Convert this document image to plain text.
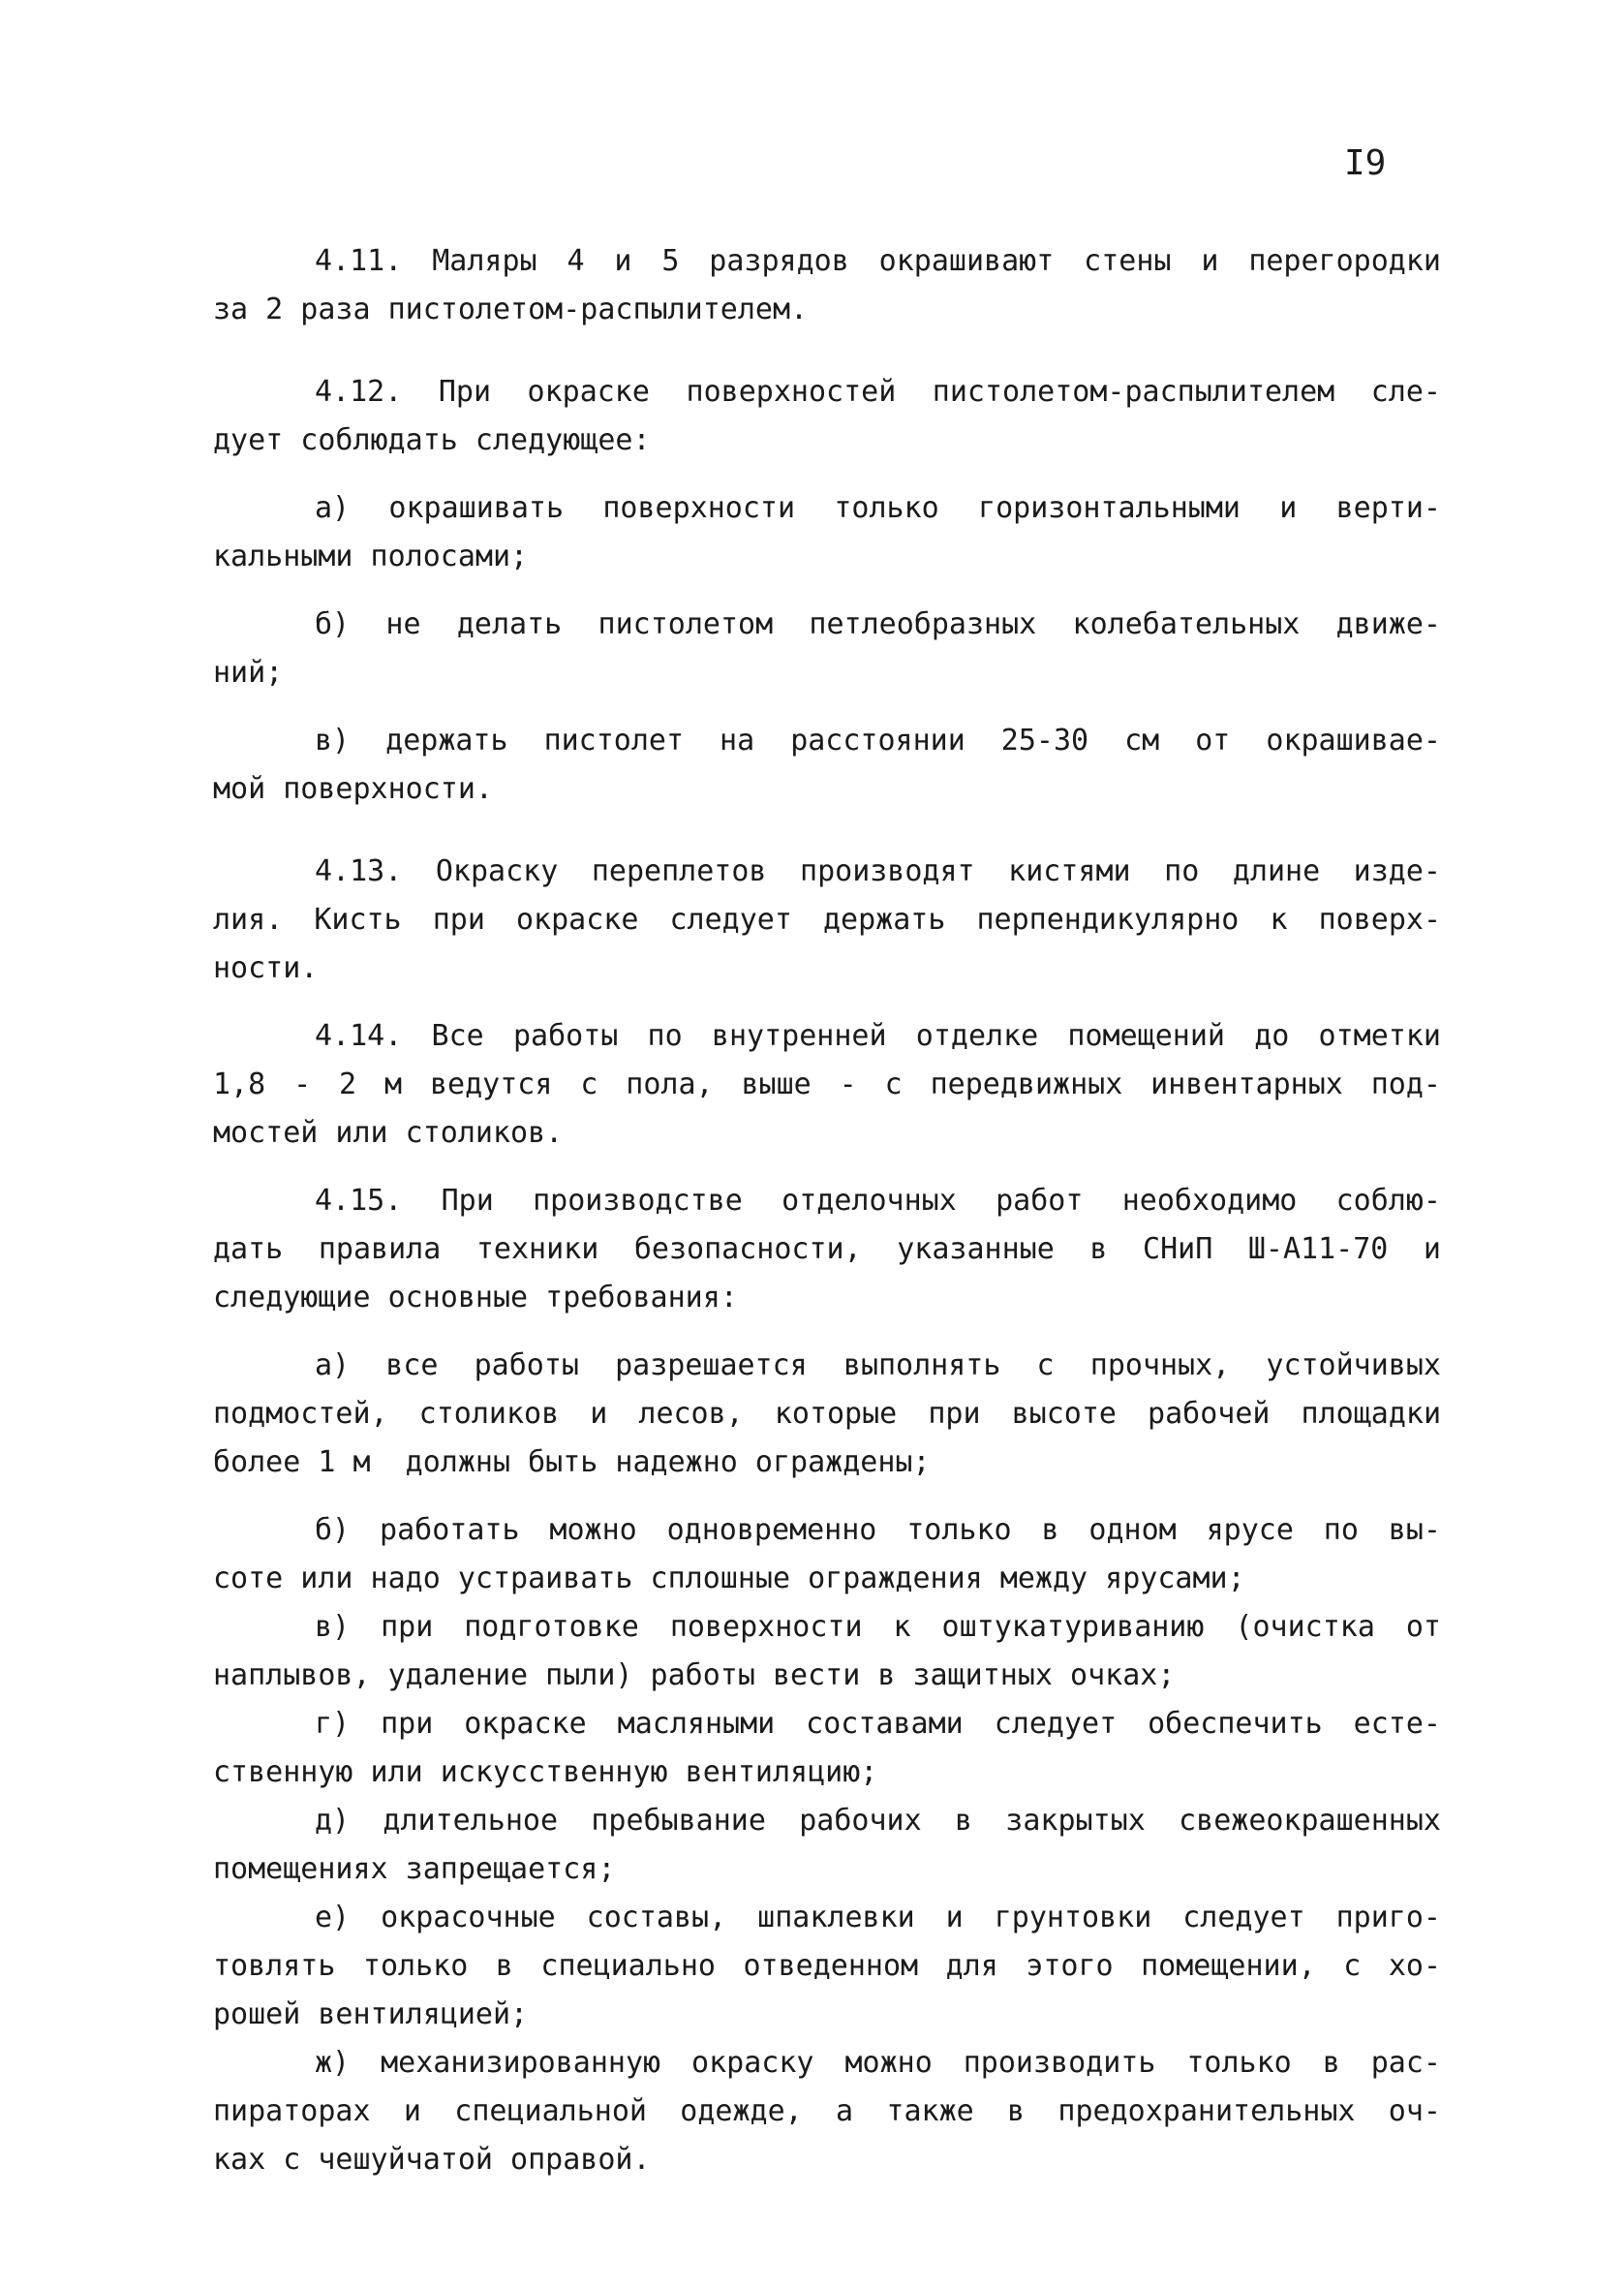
I9
4.11. Маляры 4 и 5 разрядов окрашивают стены и перегородки
за 2 раза пистолетом-распылителем.
4.12. При окраске поверхностей пистолетом-распылителем сле-
дует соблюдать следующее:
а) окрашивать поверхности только горизонтальными и верти-
кальными полосами;
б) не делать пистолетом петлеобразных колебательных движе-
ний;
в) держать пистолет на расстоянии 25-30 см от окрашивае-
мой поверхности.
4.13. Окраску переплетов производят кистями по длине изде-
лия. Кисть при окраске следует держать перпендикулярно к поверх-
ности.
4.14. Все работы по внутренней отделке помещений до отметки
1,8 - 2 м ведутся с пола, выше - с передвижных инвентарных под-
мостей или столиков.
4.15. При производстве отделочных работ необходимо соблю-
дать правила техники безопасности, указанные в СНиП Ш-А11-70 и
следующие основные требования:
а) все работы разрешается выполнять с прочных, устойчивых
подмостей, столиков и лесов, которые при высоте рабочей площадки
более 1 м  должны быть надежно ограждены;
б) работать можно одновременно только в одном ярусе по вы-
соте или надо устраивать сплошные ограждения между ярусами;
в) при подготовке поверхности к оштукатуриванию (очистка от
наплывов, удаление пыли) работы вести в защитных очках;
г) при окраске масляными составами следует обеспечить есте-
ственную или искусственную вентиляцию;
д) длительное пребывание рабочих в закрытых свежеокрашенных
помещениях запрещается;
е) окрасочные составы, шпаклевки и грунтовки следует приго-
товлять только в специально отведенном для этого помещении, с хо-
рошей вентиляцией;
ж) механизированную окраску можно производить только в рас-
пираторах и специальной одежде, а также в предохранительных оч-
ках с чешуйчатой оправой.
